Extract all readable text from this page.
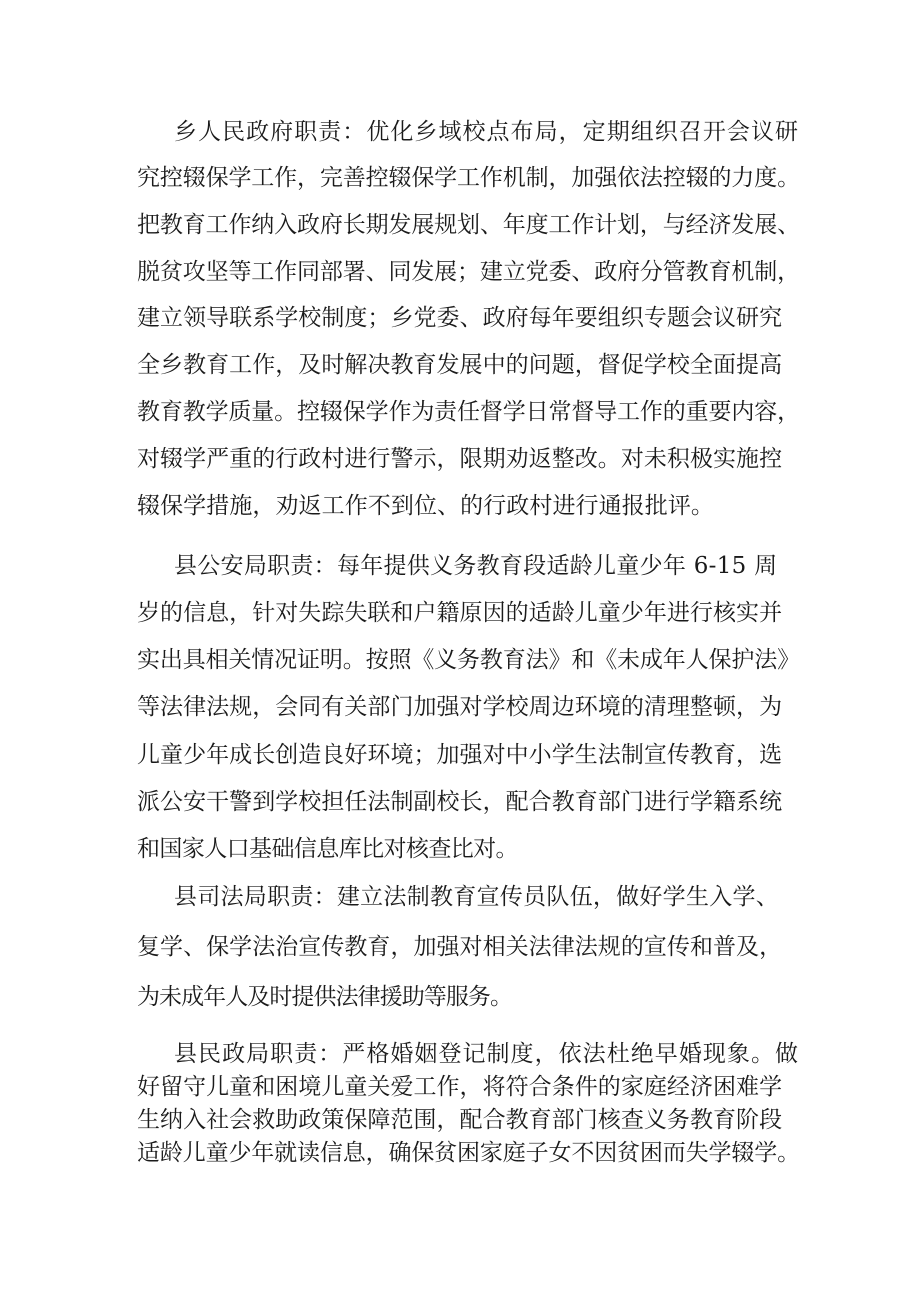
乡人民政府职责：优化乡域校点布局，定期组织召开会议研
究控辍保学工作，完善控辍保学工作机制，加强依法控辍的力度。
把教育工作纳入政府长期发展规划、年度工作计划，与经济发展、
脱贫攻坚等工作同部署、同发展；建立党委、政府分管教育机制，
建立领导联系学校制度；乡党委、政府每年要组织专题会议研究
全乡教育工作，及时解决教育发展中的问题，督促学校全面提高
教育教学质量。控辍保学作为责任督学日常督导工作的重要内容，
对辍学严重的行政村进行警示，限期劝返整改。对未积极实施控
辍保学措施，劝返工作不到位、的行政村进行通报批评。
县公安局职责：每年提供义务教育段适龄儿童少年 6-15 周
岁的信息，针对失踪失联和户籍原因的适龄儿童少年进行核实并
实出具相关情况证明。按照《义务教育法》和《未成年人保护法》
等法律法规，会同有关部门加强对学校周边环境的清理整顿，为
儿童少年成长创造良好环境；加强对中小学生法制宣传教育，选
派公安干警到学校担任法制副校长，配合教育部门进行学籍系统
和国家人口基础信息库比对核查比对。
县司法局职责：建立法制教育宣传员队伍，做好学生入学、
复学、保学法治宣传教育，加强对相关法律法规的宣传和普及，
为未成年人及时提供法律援助等服务。
县民政局职责：严格婚姻登记制度，依法杜绝早婚现象。做
好留守儿童和困境儿童关爱工作，将符合条件的家庭经济困难学
生纳入社会救助政策保障范围，配合教育部门核查义务教育阶段
适龄儿童少年就读信息，确保贫困家庭子女不因贫困而失学辍学。
